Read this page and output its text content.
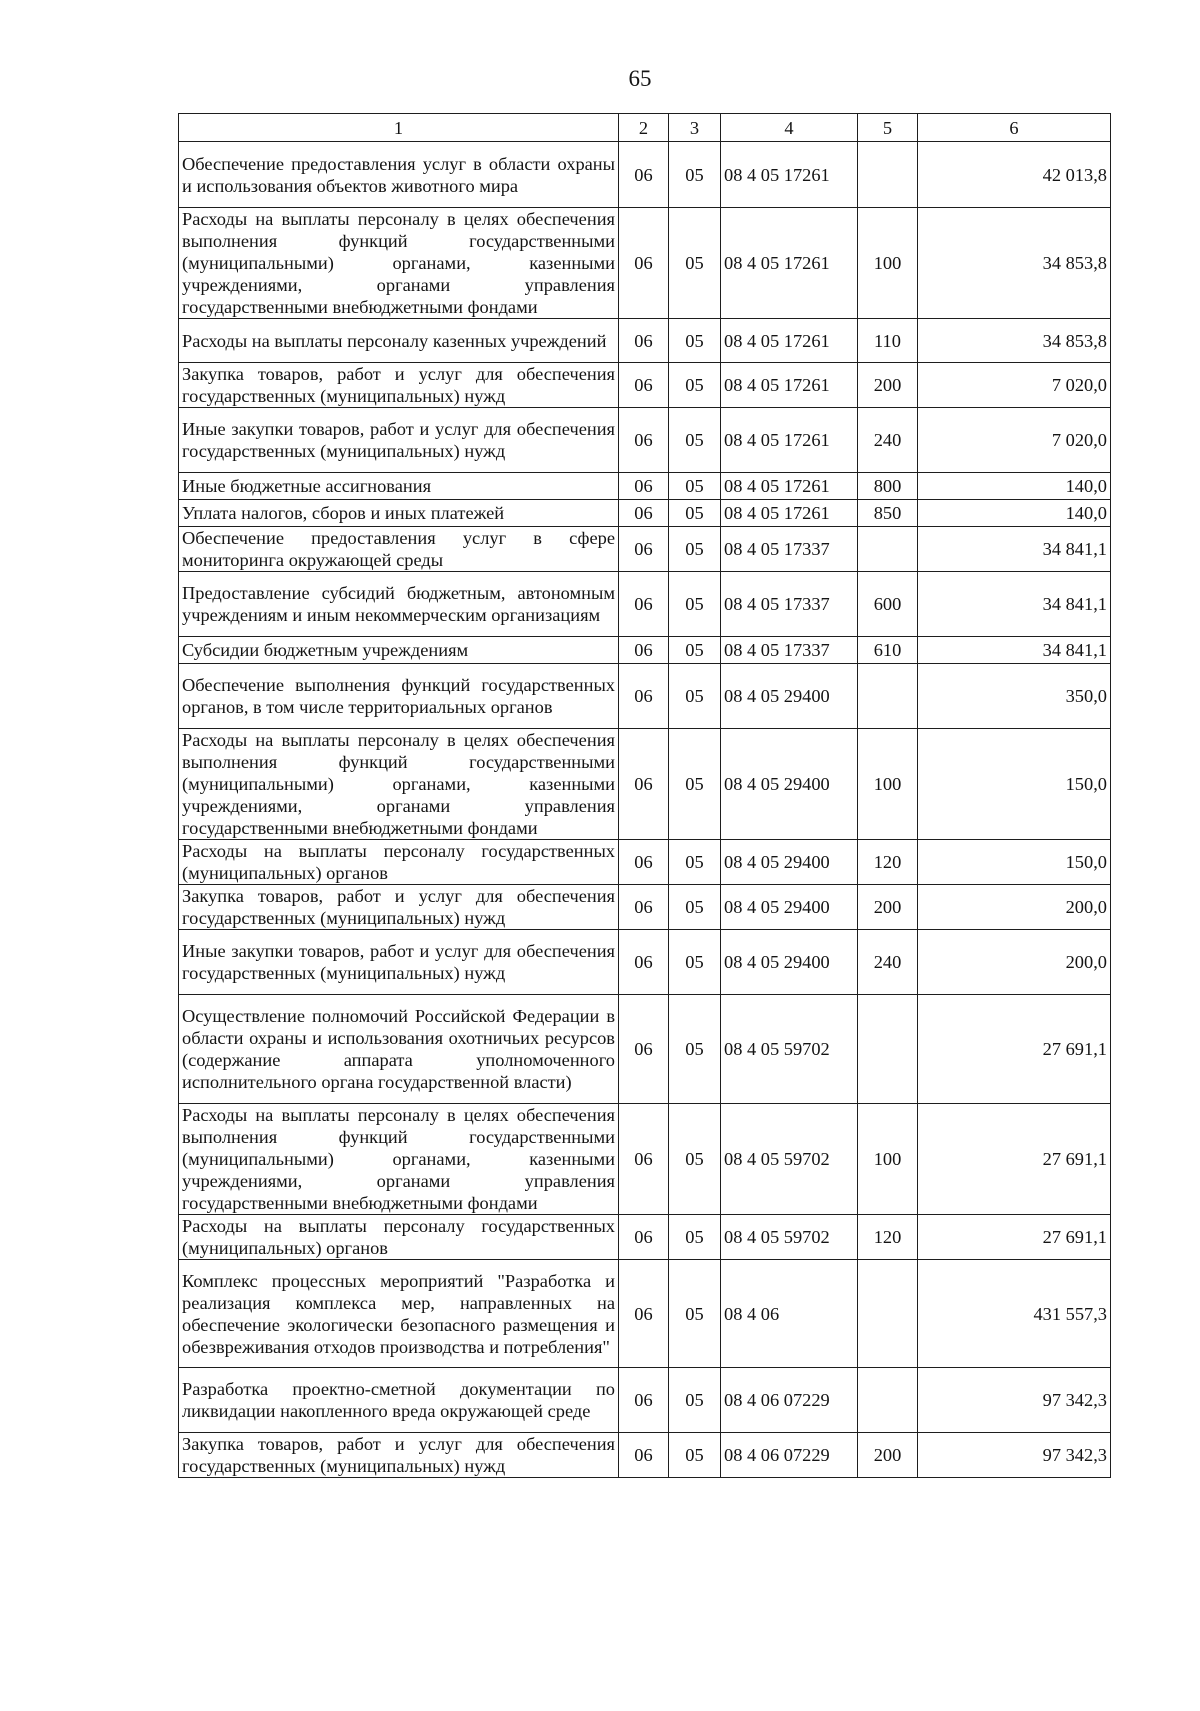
65
1	2	3	4	5	6
Обеспечение предоставления услуг в области охраны и использования объектов животного мира	06	05	08 4 05 17261		42 013,8
Расходы на выплаты персоналу в целях обеспечения выполнения функций государственными (муниципальными) органами, казенными учреждениями, органами управления государственными внебюджетными фондами	06	05	08 4 05 17261	100	34 853,8
Расходы на выплаты персоналу казенных учреждений	06	05	08 4 05 17261	110	34 853,8
Закупка товаров, работ и услуг для обеспечения государственных (муниципальных) нужд	06	05	08 4 05 17261	200	7 020,0
Иные закупки товаров, работ и услуг для обеспечения государственных (муниципальных) нужд	06	05	08 4 05 17261	240	7 020,0
Иные бюджетные ассигнования	06	05	08 4 05 17261	800	140,0
Уплата налогов, сборов и иных платежей	06	05	08 4 05 17261	850	140,0
Обеспечение предоставления услуг в сфере мониторинга окружающей среды	06	05	08 4 05 17337		34 841,1
Предоставление субсидий бюджетным, автономным учреждениям и иным некоммерческим организациям	06	05	08 4 05 17337	600	34 841,1
Субсидии бюджетным учреждениям	06	05	08 4 05 17337	610	34 841,1
Обеспечение выполнения функций государственных органов, в том числе территориальных органов	06	05	08 4 05 29400		350,0
Расходы на выплаты персоналу в целях обеспечения выполнения функций государственными (муниципальными) органами, казенными учреждениями, органами управления государственными внебюджетными фондами	06	05	08 4 05 29400	100	150,0
Расходы на выплаты персоналу государственных (муниципальных) органов	06	05	08 4 05 29400	120	150,0
Закупка товаров, работ и услуг для обеспечения государственных (муниципальных) нужд	06	05	08 4 05 29400	200	200,0
Иные закупки товаров, работ и услуг для обеспечения государственных (муниципальных) нужд	06	05	08 4 05 29400	240	200,0
Осуществление полномочий Российской Федерации в области охраны и использования охотничьих ресурсов (содержание аппарата уполномоченного исполнительного органа государственной власти)	06	05	08 4 05 59702		27 691,1
Расходы на выплаты персоналу в целях обеспечения выполнения функций государственными (муниципальными) органами, казенными учреждениями, органами управления государственными внебюджетными фондами	06	05	08 4 05 59702	100	27 691,1
Расходы на выплаты персоналу государственных (муниципальных) органов	06	05	08 4 05 59702	120	27 691,1
Комплекс процессных мероприятий "Разработка и реализация комплекса мер, направленных на обеспечение экологически безопасного размещения и обезвреживания отходов производства и потребления"	06	05	08 4 06		431 557,3
Разработка проектно-сметной документации по ликвидации накопленного вреда окружающей среде	06	05	08 4 06 07229		97 342,3
Закупка товаров, работ и услуг для обеспечения государственных (муниципальных) нужд	06	05	08 4 06 07229	200	97 342,3
